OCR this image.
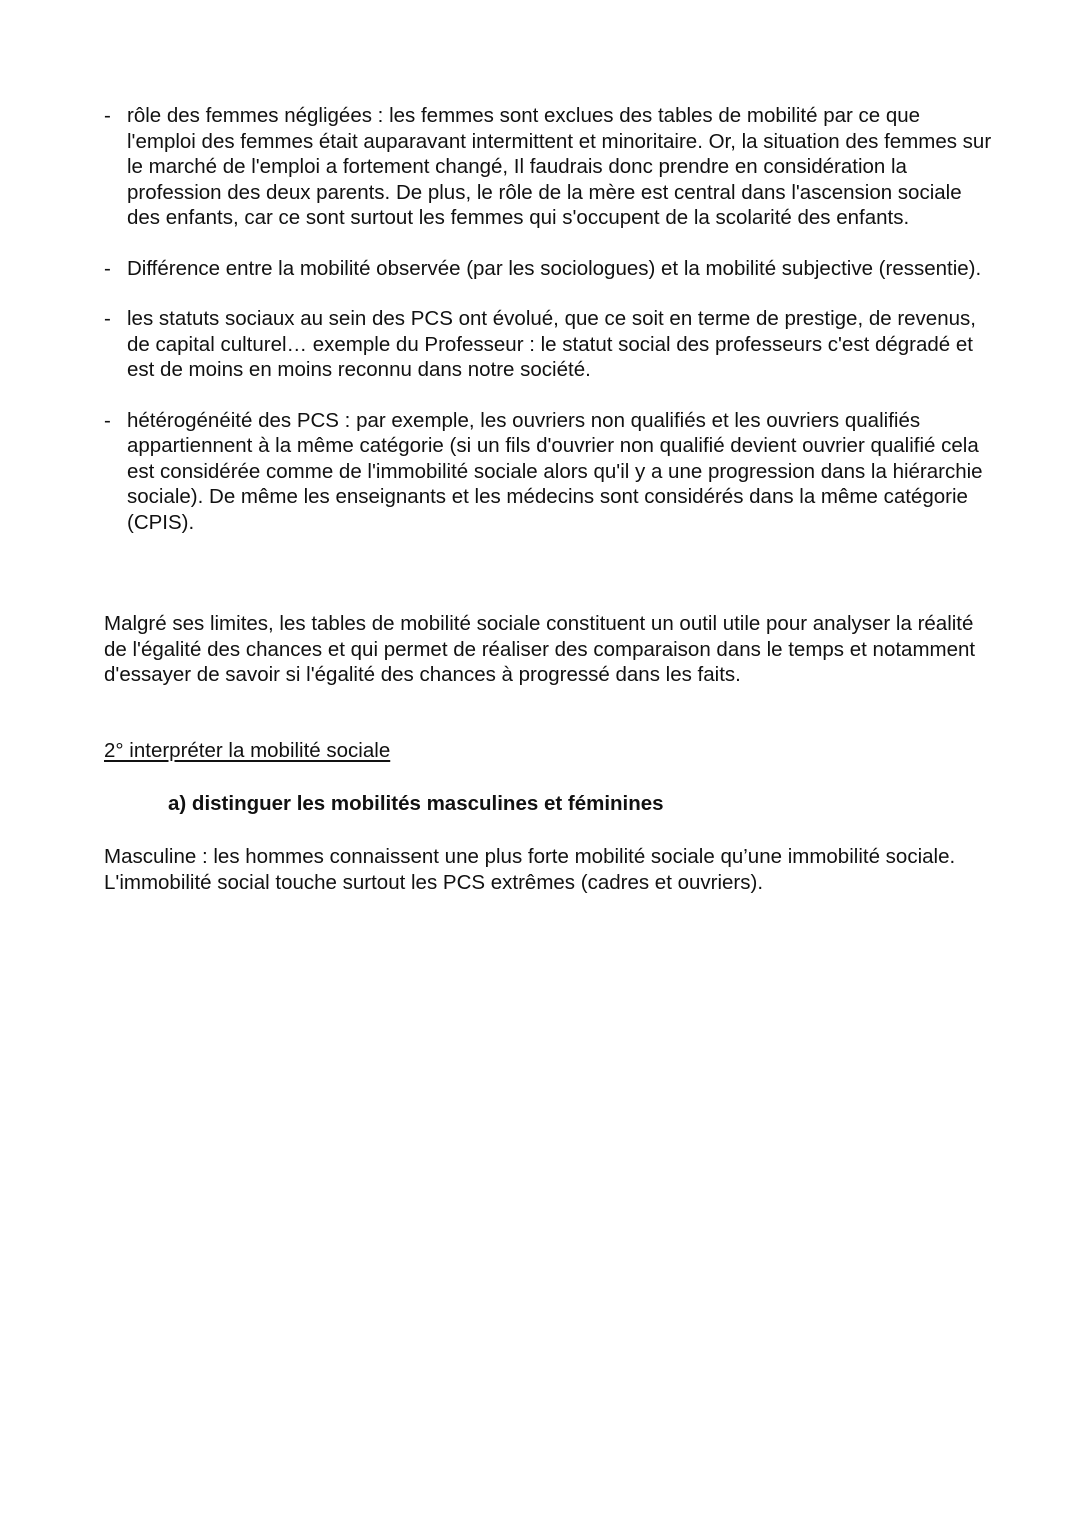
- rôle des femmes négligées : les femmes sont exclues des tables de mobilité par ce que l'emploi des femmes était auparavant intermittent et minoritaire. Or, la situation des femmes sur le marché de l'emploi a fortement changé, Il faudrais donc prendre en considération la profession des deux parents. De plus, le rôle de la mère est central dans l'ascension sociale des enfants, car ce sont surtout les femmes qui s'occupent de la scolarité des enfants.
- Différence entre la mobilité observée (par les sociologues) et la mobilité subjective (ressentie).
- les statuts sociaux au sein des PCS ont évolué, que ce soit en terme de prestige, de revenus, de capital culturel… exemple du Professeur : le statut social des professeurs c'est dégradé et est de moins en moins reconnu dans notre société.
- hétérogénéité des PCS : par exemple, les ouvriers non qualifiés et les ouvriers qualifiés appartiennent à la même catégorie (si un fils d'ouvrier non qualifié devient ouvrier qualifié cela est considérée comme de l'immobilité sociale alors qu'il y a une progression dans la hiérarchie sociale). De même les enseignants et les médecins sont considérés dans la même catégorie (CPIS).

Malgré ses limites, les tables de mobilité sociale constituent un outil utile pour analyser la réalité de l'égalité des chances et qui permet de réaliser des comparaison dans le temps et notamment d'essayer de savoir si l'égalité des chances à progressé dans les faits.

2° interpréter la mobilité sociale
a) distinguer les mobilités masculines et féminines

Masculine : les hommes connaissent une plus forte mobilité sociale qu’une immobilité sociale. L'immobilité social touche surtout les PCS extrêmes (cadres et ouvriers).
